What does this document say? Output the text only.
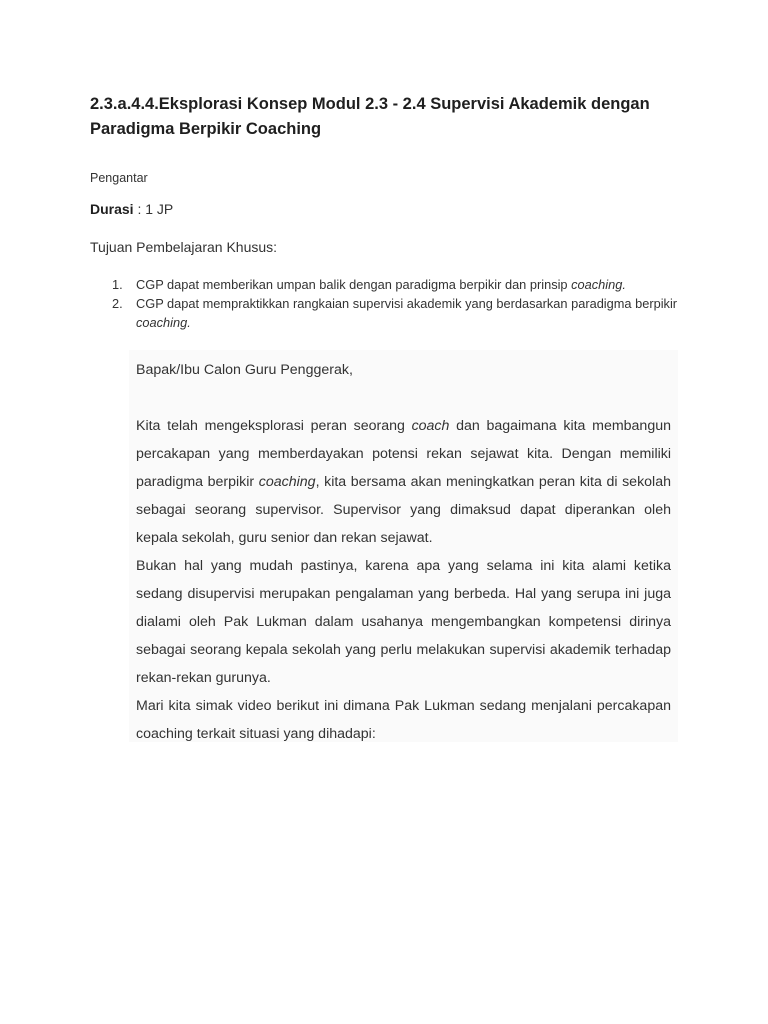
2.3.a.4.4.Eksplorasi Konsep Modul 2.3 - 2.4 Supervisi Akademik dengan Paradigma Berpikir Coaching
Pengantar
Durasi : 1 JP
Tujuan Pembelajaran Khusus:
1. CGP dapat memberikan umpan balik dengan paradigma berpikir dan prinsip coaching.
2. CGP dapat mempraktikkan rangkaian supervisi akademik yang berdasarkan paradigma berpikir coaching.

Bapak/Ibu Calon Guru Penggerak,

Kita telah mengeksplorasi peran seorang coach dan bagaimana kita membangun percakapan yang memberdayakan potensi rekan sejawat kita. Dengan memiliki paradigma berpikir coaching, kita bersama akan meningkatkan peran kita di sekolah sebagai seorang supervisor. Supervisor yang dimaksud dapat diperankan oleh kepala sekolah, guru senior dan rekan sejawat.

Bukan hal yang mudah pastinya, karena apa yang selama ini kita alami ketika sedang disupervisi merupakan pengalaman yang berbeda. Hal yang serupa ini juga dialami oleh Pak Lukman dalam usahanya mengembangkan kompetensi dirinya sebagai seorang kepala sekolah yang perlu melakukan supervisi akademik terhadap rekan-rekan gurunya.

Mari kita simak video berikut ini dimana Pak Lukman sedang menjalani percakapan coaching terkait situasi yang dihadapi:
